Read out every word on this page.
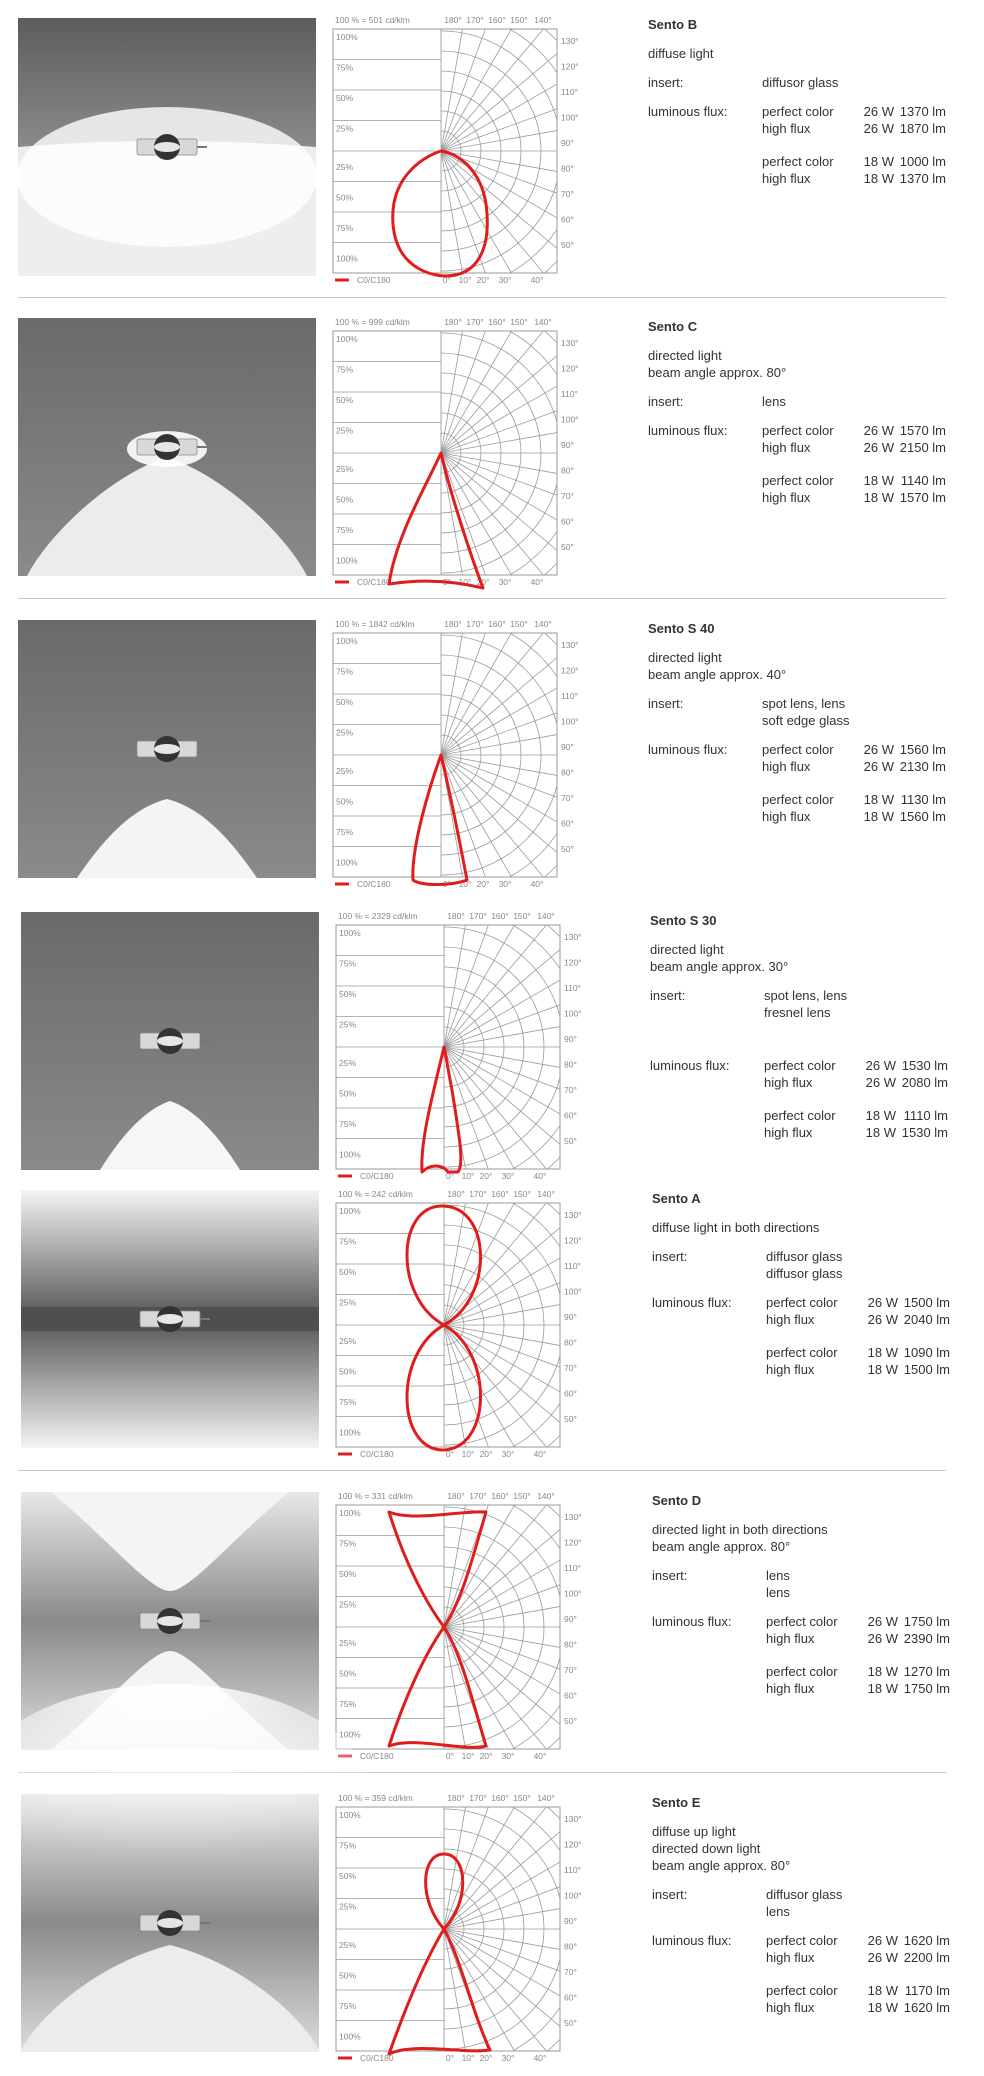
100 % = 501 cd/klm	180° 170° 160° 150° 140°
100%
75%
50%
25%
25%
50%
75%
100%
130°
120°
110°
100°
90°
80°
70°
60°
50°
0° 10° 20° 30° 40°
C0/C180
Sento B
diffuse light
insert:	diffusor glass
luminous flux:	perfect color	26 W 1370 lm
high flux	26 W 1870 lm
perfect color	18 W 1000 lm
high flux	18 W 1370 lm
100 % = 999 cd/klm	180° 170° 160° 150° 140°
100%
75%
50%
25%
25%
50%
75%
100%
130°
120°
110°
100°
90°
80°
70°
60°
50°
0° 10° 20° 30° 40°
C0/C180
Sento C
directed light
beam angle approx. 80°
insert:	lens
luminous flux:	perfect color	26 W 1570 lm
high flux	26 W 2150 lm
perfect color	18 W 1140 lm
high flux	18 W 1570 lm
100 % = 1842 cd/klm	180° 170° 160° 150° 140°
100%
75%
50%
25%
25%
50%
75%
100%
130°
120°
110°
100°
90°
80°
70°
60°
50°
0° 10° 20° 30° 40°
C0/C180
Sento S 40
directed light
beam angle approx. 40°
insert:	spot lens, lens
soft edge glass
luminous flux:	perfect color	26 W 1560 lm
high flux	26 W 2130 lm
perfect color	18 W 1130 lm
high flux	18 W 1560 lm
100 % = 2329 cd/klm	180° 170° 160° 150° 140°
100%
75%
50%
25%
25%
50%
75%
100%
130°
120°
110°
100°
90°
80°
70°
60°
50°
0° 10° 20° 30° 40°
C0/C180
Sento S 30
directed light
beam angle approx. 30°
insert:	spot lens, lens
fresnel lens
luminous flux:	perfect color	26 W 1530 lm
high flux	26 W 2080 lm
perfect color	18 W 1110 lm
high flux	18 W 1530 lm
100 % = 242 cd/klm	180° 170° 160° 150° 140°
100%
75%
50%
25%
25%
50%
75%
100%
130°
120°
110°
100°
90°
80°
70°
60°
50°
0° 10° 20° 30° 40°
C0/C180
Sento A
diffuse light in both directions
insert:	diffusor glass
diffusor glass
luminous flux:	perfect color	26 W 1500 lm
high flux	26 W 2040 lm
perfect color	18 W 1090 lm
high flux	18 W 1500 lm
100 % = 331 cd/klm	180° 170° 160° 150° 140°
100%
75%
50%
25%
25%
50%
75%
100%
130°
120°
110°
100°
90°
80°
70°
60°
50°
0° 10° 20° 30° 40°
C0/C180
Sento D
directed light in both directions
beam angle approx. 80°
insert:	lens
lens
luminous flux:	perfect color	26 W 1750 lm
high flux	26 W 2390 lm
perfect color	18 W 1270 lm
high flux	18 W 1750 lm
100 % = 359 cd/klm	180° 170° 160° 150° 140°
100%
75%
50%
25%
25%
50%
75%
100%
130°
120°
110°
100°
90°
80°
70°
60°
50°
0° 10° 20° 30° 40°
C0/C180
Sento E
diffuse up light
directed down light
beam angle approx. 80°
insert:	diffusor glass
lens
luminous flux:	perfect color	26 W 1620 lm
high flux	26 W 2200 lm
perfect color	18 W 1170 lm
high flux	18 W 1620 lm
